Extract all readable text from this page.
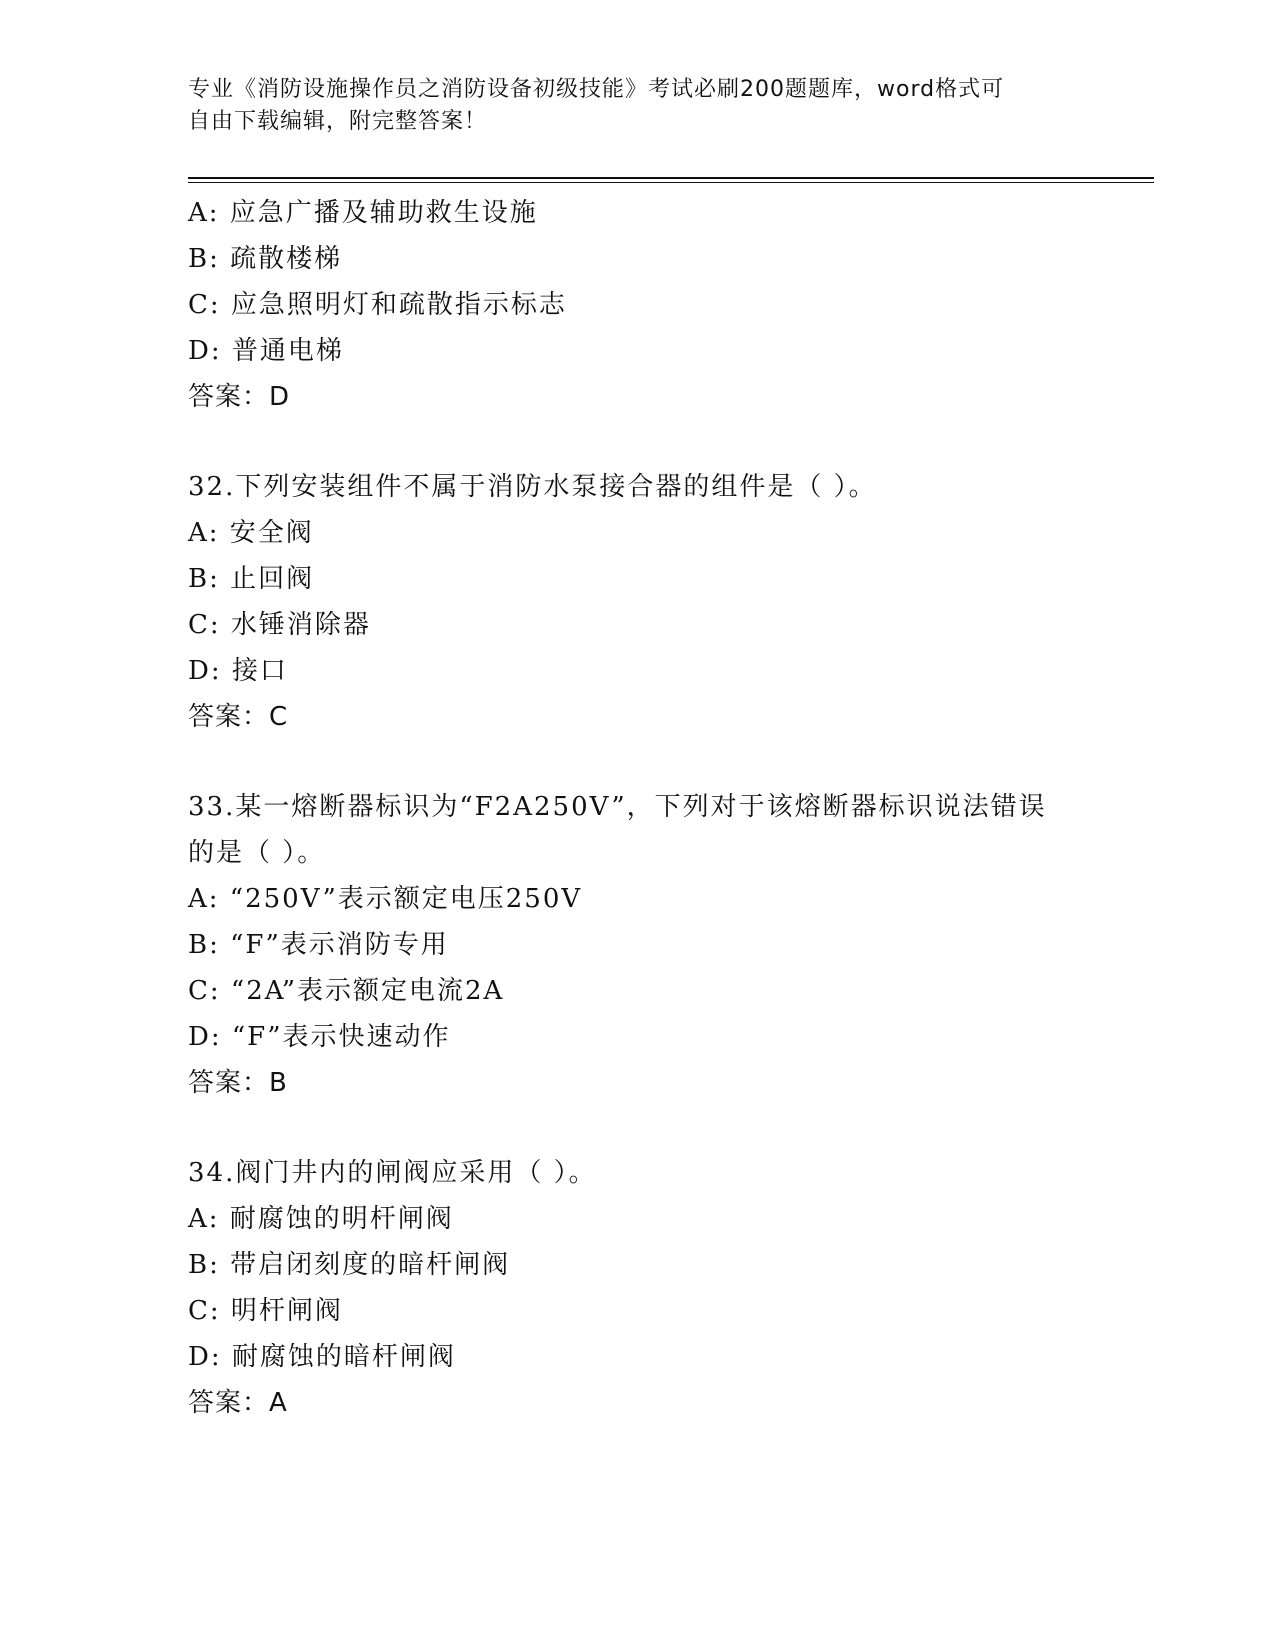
专业《消防设施操作员之消防设备初级技能》考试必刷200题题库，word格式可
自由下载编辑，附完整答案！
A: 应急广播及辅助救生设施
B: 疏散楼梯
C: 应急照明灯和疏散指示标志
D: 普通电梯
答案：D
32.下列安装组件不属于消防水泵接合器的组件是（ ）。
A: 安全阀
B: 止回阀
C: 水锤消除器
D: 接口
答案：C
33.某一熔断器标识为“F2A250V”，下列对于该熔断器标识说法错误的是（ ）。
A: “250V”表示额定电压250V
B: “F”表示消防专用
C: “2A”表示额定电流2A
D: “F”表示快速动作
答案：B
34.阀门井内的闸阀应采用（ ）。
A: 耐腐蚀的明杆闸阀
B: 带启闭刻度的暗杆闸阀
C: 明杆闸阀
D: 耐腐蚀的暗杆闸阀
答案：A
